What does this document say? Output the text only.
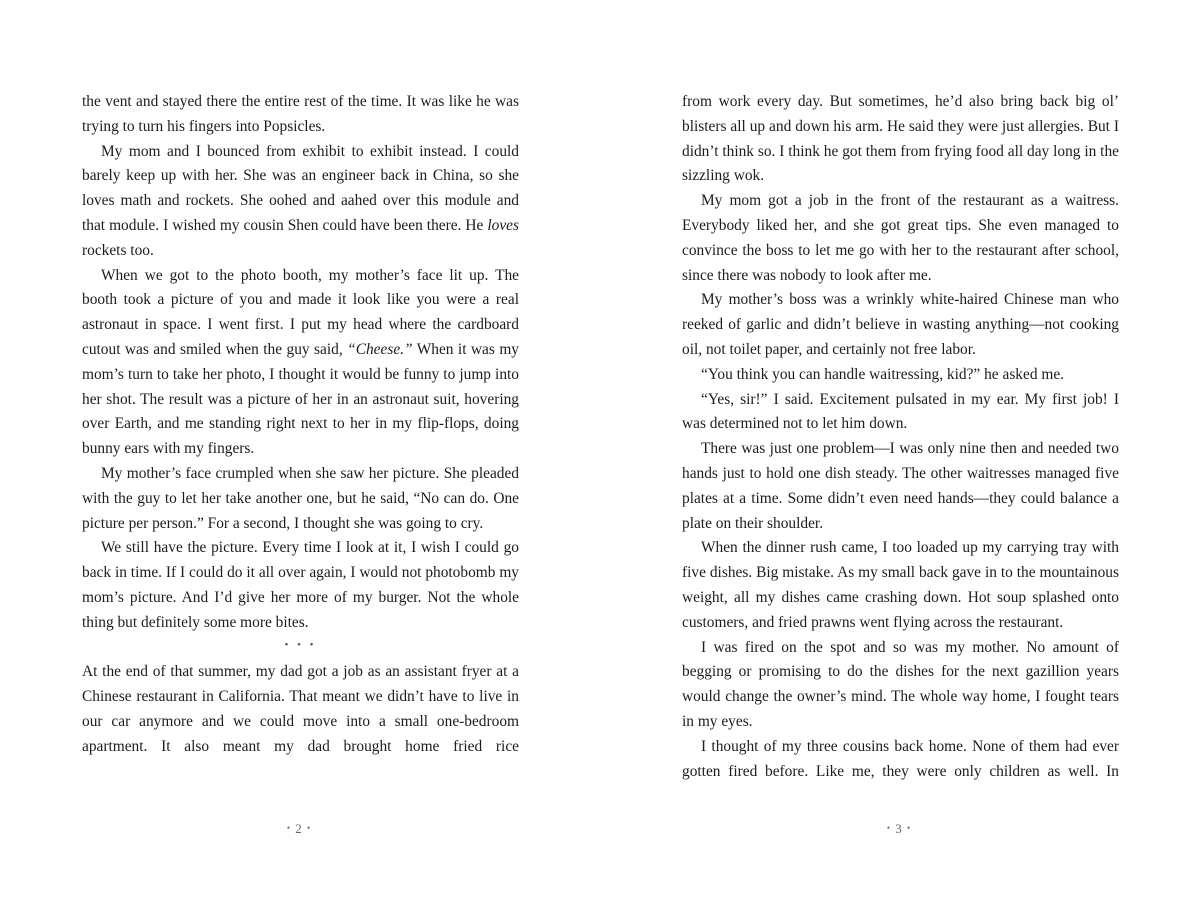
the vent and stayed there the entire rest of the time. It was like he was trying to turn his fingers into Popsicles.

My mom and I bounced from exhibit to exhibit instead. I could barely keep up with her. She was an engineer back in China, so she loves math and rockets. She oohed and aahed over this module and that module. I wished my cousin Shen could have been there. He loves rockets too.

When we got to the photo booth, my mother’s face lit up. The booth took a picture of you and made it look like you were a real astronaut in space. I went first. I put my head where the cardboard cutout was and smiled when the guy said, “Cheese.” When it was my mom’s turn to take her photo, I thought it would be funny to jump into her shot. The result was a picture of her in an astronaut suit, hovering over Earth, and me standing right next to her in my flip-flops, doing bunny ears with my fingers.

My mother’s face crumpled when she saw her picture. She pleaded with the guy to let her take another one, but he said, “No can do. One picture per person.” For a second, I thought she was going to cry.

We still have the picture. Every time I look at it, I wish I could go back in time. If I could do it all over again, I would not photobomb my mom’s picture. And I’d give her more of my burger. Not the whole thing but definitely some more bites.

• • •

At the end of that summer, my dad got a job as an assistant fryer at a Chinese restaurant in California. That meant we didn’t have to live in our car anymore and we could move into a small one-bedroom apartment. It also meant my dad brought home fried rice

from work every day. But sometimes, he’d also bring back big ol’ blisters all up and down his arm. He said they were just allergies. But I didn’t think so. I think he got them from frying food all day long in the sizzling wok.

My mom got a job in the front of the restaurant as a waitress. Everybody liked her, and she got great tips. She even managed to convince the boss to let me go with her to the restaurant after school, since there was nobody to look after me.

My mother’s boss was a wrinkly white-haired Chinese man who reeked of garlic and didn’t believe in wasting anything—not cooking oil, not toilet paper, and certainly not free labor.

“You think you can handle waitressing, kid?” he asked me.

“Yes, sir!” I said. Excitement pulsated in my ear. My first job! I was determined not to let him down.

There was just one problem—I was only nine then and needed two hands just to hold one dish steady. The other waitresses managed five plates at a time. Some didn’t even need hands—they could balance a plate on their shoulder.

When the dinner rush came, I too loaded up my carrying tray with five dishes. Big mistake. As my small back gave in to the mountainous weight, all my dishes came crashing down. Hot soup splashed onto customers, and fried prawns went flying across the restaurant.

I was fired on the spot and so was my mother. No amount of begging or promising to do the dishes for the next gazillion years would change the owner’s mind. The whole way home, I fought tears in my eyes.

I thought of my three cousins back home. None of them had ever gotten fired before. Like me, they were only children as well. In

• 2 •	• 3 •
